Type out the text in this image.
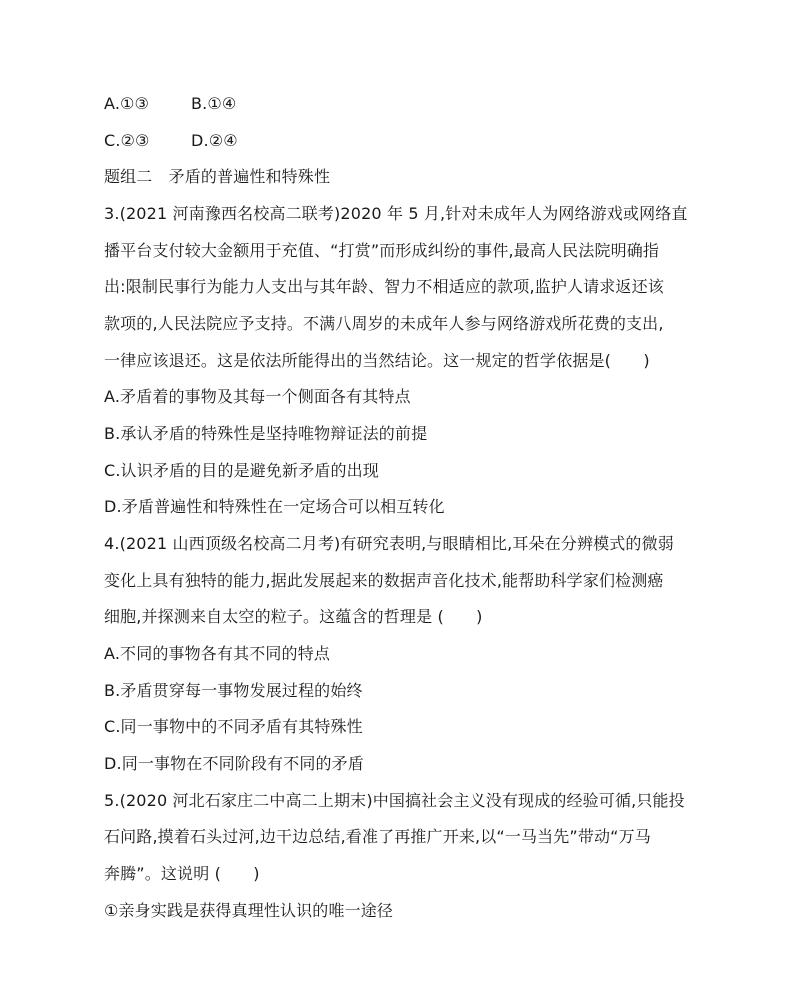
A.①③	B.①④
C.②③	D.②④
题组二　矛盾的普遍性和特殊性
3.(2021 河南豫西名校高二联考)2020 年 5 月,针对未成年人为网络游戏或网络直
播平台支付较大金额用于充值、“打赏”而形成纠纷的事件,最高人民法院明确指
出:限制民事行为能力人支出与其年龄、智力不相适应的款项,监护人请求返还该
款项的,人民法院应予支持。不满八周岁的未成年人参与网络游戏所花费的支出,
一律应该退还。这是依法所能得出的当然结论。这一规定的哲学依据是(　　)
A.矛盾着的事物及其每一个侧面各有其特点
B.承认矛盾的特殊性是坚持唯物辩证法的前提
C.认识矛盾的目的是避免新矛盾的出现
D.矛盾普遍性和特殊性在一定场合可以相互转化
4.(2021 山西顶级名校高二月考)有研究表明,与眼睛相比,耳朵在分辨模式的微弱
变化上具有独特的能力,据此发展起来的数据声音化技术,能帮助科学家们检测癌
细胞,并探测来自太空的粒子。这蕴含的哲理是 (　　)
A.不同的事物各有其不同的特点
B.矛盾贯穿每一事物发展过程的始终
C.同一事物中的不同矛盾有其特殊性
D.同一事物在不同阶段有不同的矛盾
5.(2020 河北石家庄二中高二上期末)中国搞社会主义没有现成的经验可循,只能投
石问路,摸着石头过河,边干边总结,看准了再推广开来,以“一马当先”带动“万马
奔腾”。这说明 (　　)
①亲身实践是获得真理性认识的唯一途径
